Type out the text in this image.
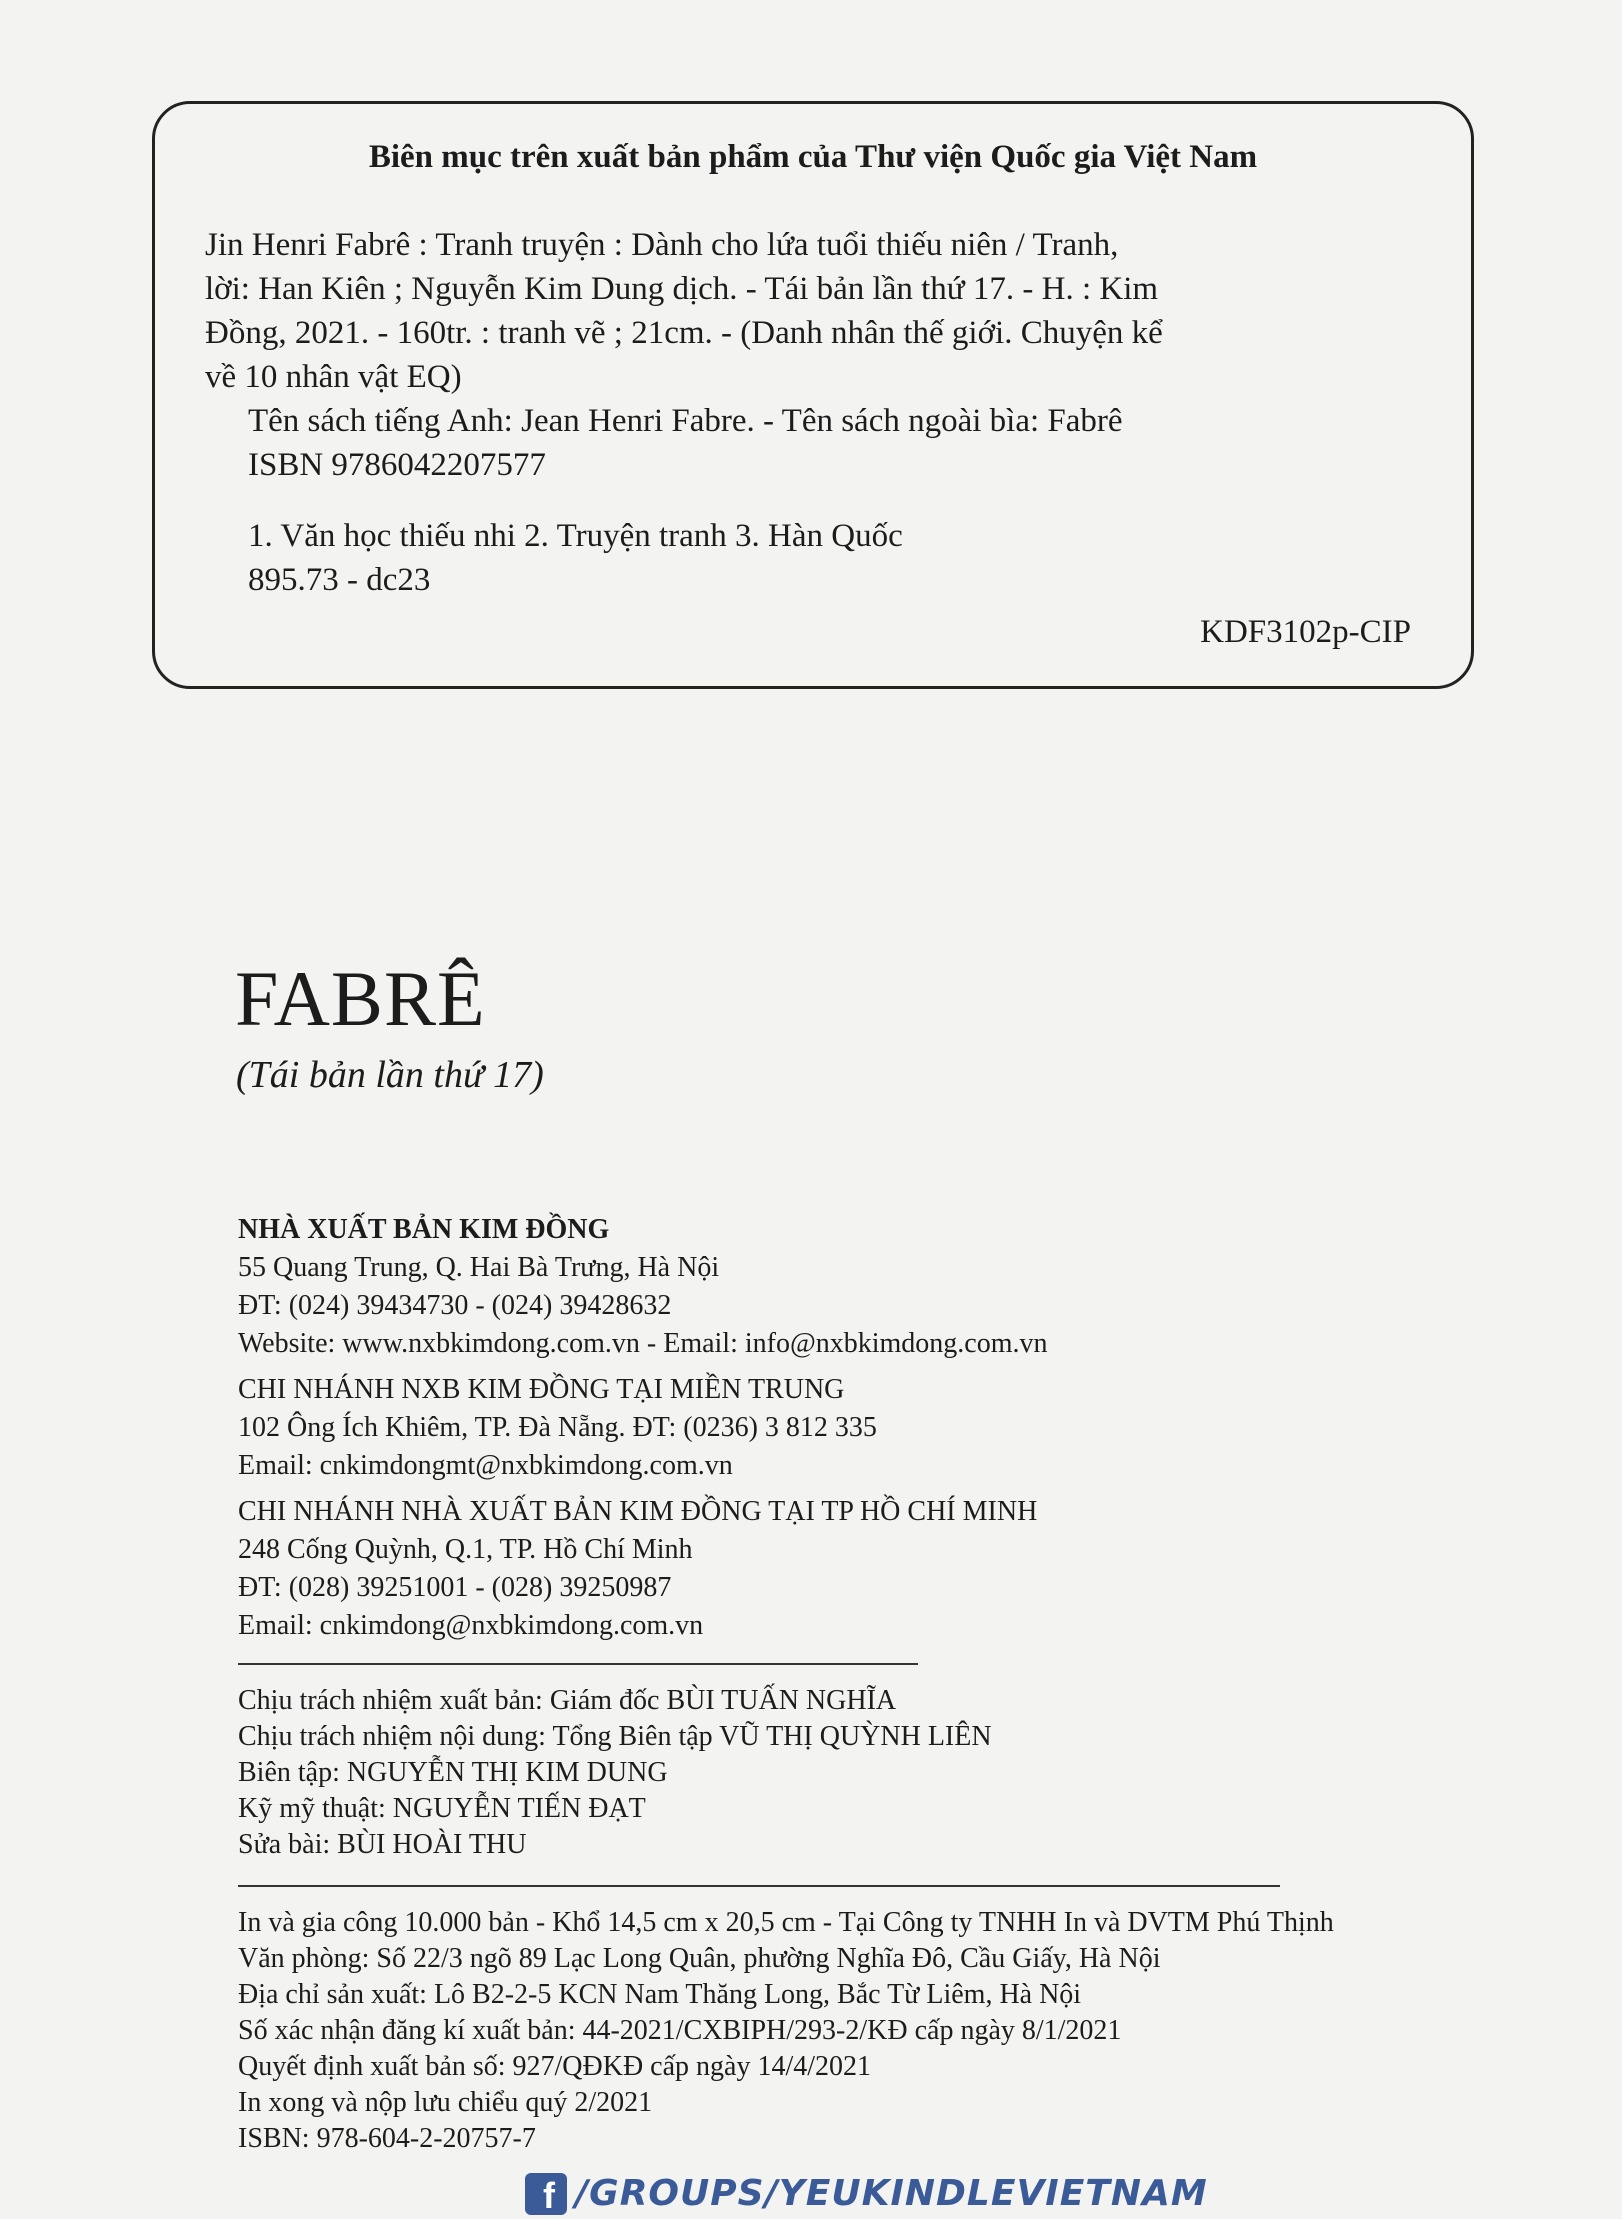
Biên mục trên xuất bản phẩm của Thư viện Quốc gia Việt Nam

Jin Henri Fabrê : Tranh truyện : Dành cho lứa tuổi thiếu niên / Tranh,

lời: Han Kiên ; Nguyễn Kim Dung dịch. - Tái bản lần thứ 17. - H. : Kim

Đồng, 2021. - 160tr. : tranh vẽ ; 21cm. - (Danh nhân thế giới. Chuyện kể

về 10 nhân vật EQ)

Tên sách tiếng Anh: Jean Henri Fabre. - Tên sách ngoài bìa: Fabrê

ISBN 9786042207577

1. Văn học thiếu nhi 2. Truyện tranh 3. Hàn Quốc

895.73 - dc23

KDF3102p-CIP
FABRÊ
(Tái bản lần thứ 17)

NHÀ XUẤT BẢN KIM ĐỒNG

55 Quang Trung, Q. Hai Bà Trưng, Hà Nội

ĐT: (024) 39434730 - (024) 39428632

Website: www.nxbkimdong.com.vn - Email: info@nxbkimdong.com.vn

CHI NHÁNH NXB KIM ĐỒNG TẠI MIỀN TRUNG

102 Ông Ích Khiêm, TP. Đà Nẵng. ĐT: (0236) 3 812 335

Email: cnkimdongmt@nxbkimdong.com.vn

CHI NHÁNH NHÀ XUẤT BẢN KIM ĐỒNG TẠI TP HỒ CHÍ MINH

248 Cống Quỳnh, Q.1, TP. Hồ Chí Minh

ĐT: (028) 39251001 - (028) 39250987

Email: cnkimdong@nxbkimdong.com.vn

Chịu trách nhiệm xuất bản: Giám đốc BÙI TUẤN NGHĨA

Chịu trách nhiệm nội dung: Tổng Biên tập VŨ THỊ QUỲNH LIÊN

Biên tập: NGUYỄN THỊ KIM DUNG

Kỹ mỹ thuật: NGUYỄN TIẾN ĐẠT

Sửa bài: BÙI HOÀI THU

In và gia công 10.000 bản - Khổ 14,5 cm x 20,5 cm - Tại Công ty TNHH In và DVTM Phú Thịnh

Văn phòng: Số 22/3 ngõ 89 Lạc Long Quân, phường Nghĩa Đô, Cầu Giấy, Hà Nội

Địa chỉ sản xuất: Lô B2-2-5 KCN Nam Thăng Long, Bắc Từ Liêm, Hà Nội

Số xác nhận đăng kí xuất bản: 44-2021/CXBIPH/293-2/KĐ cấp ngày 8/1/2021

Quyết định xuất bản số: 927/QĐKĐ cấp ngày 14/4/2021

In xong và nộp lưu chiểu quý 2/2021

ISBN: 978-604-2-20757-7

f /GROUPS/YEUKINDLEVIETNAM
